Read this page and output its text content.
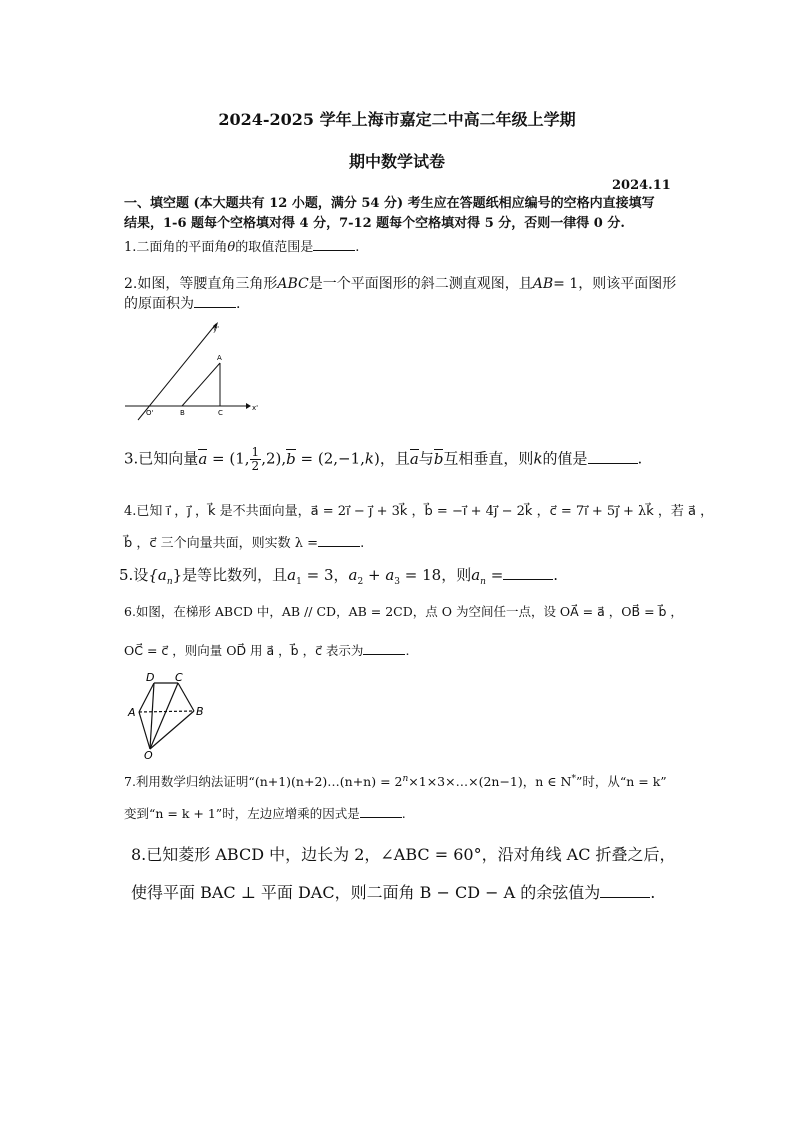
2024-2025 学年上海市嘉定二中高二年级上学期
期中数学试卷
2024.11
一、填空题 (本大题共有 12 小题，满分 54 分) 考生应在答题纸相应编号的空格内直接填写
结果，1-6 题每个空格填对得 4 分，7-12 题每个空格填对得 5 分，否则一律得 0 分.
1.二面角的平面角θ的取值范围是	.
2.如图，等腰直角三角形ABC是一个平面图形的斜二测直观图，且AB= 1，则该平面图形
的原面积为	.
y'
x'
O'
A
B	C
3.已知向量a = (1, $\frac{1}{2} ,2),b = (2,-1,k)$，且a与b互相垂直，则k的值是	.
4.已知 i⃗ ，j⃗ ，k⃗ 是不共面向量，a⃗ = 2i⃗ − j⃗ + 3k⃗ ，b⃗ = −i⃗ + 4j⃗ − 2k⃗ ，c⃗ = 7i⃗ + 5j⃗ + λk⃗ ，若 a⃗ ，
b⃗ ，c⃗ 三个向量共面，则实数 λ =	.
5.设$\{a_n\}$是等比数列，且$a_1 = 3$，$a_2 + a_3 = 18$，则$a_n$ =	.
6.如图，在梯形 ABCD 中，AB // CD，AB = 2CD，点 O 为空间任一点，设 OA⃗ = a⃗ ，OB⃗ = b⃗ ，
OC⃗ = c⃗ ，则向量 OD⃗ 用 a⃗ ，b⃗ ，c⃗ 表示为	.
D C
A	B
O
7.利用数学归纳法证明“(n+1)(n+2)…(n+n) = $2^n\times 1\times 3\times\dots\times(2n-1)$，n ∈ N*”时，从“n = k”
变到“n = k + 1”时，左边应增乘的因式是	.
8.已知菱形 ABCD 中，边长为 2，∠ABC = 60°，沿对角线 AC 折叠之后，
使得平面 BAC ⊥ 平面 DAC，则二面角 B − CD − A 的余弦值为	.
